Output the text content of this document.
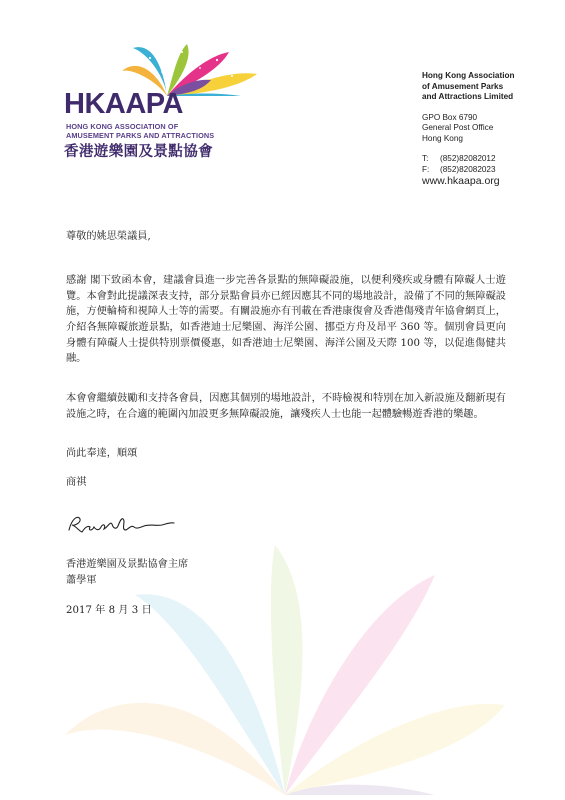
HKAAPA
HONG KONG ASSOCIATION OF
AMUSEMENT PARKS AND ATTRACTIONS
香港遊樂園及景點協會
Hong Kong Association
of Amusement Parks
and Attractions Limited
GPO Box 6790
General Post Office
Hong Kong
T:	(852)82082012
F:	(852)82082023
www.hkaapa.org
尊敬的姚思榮議員,

感謝 閣下致函本會，建議會員進一步完善各景點的無障礙設施，以便利殘疾或身體有障礙人士遊覽。本會對此提議深表支持，部分景點會員亦已經因應其不同的場地設計，設備了不同的無障礙設施，方便輪椅和視障人士等的需要。有關設施亦有刊載在香港康復會及香港傷殘青年協會網頁上，介紹各無障礙旅遊景點，如香港迪士尼樂園、海洋公園、挪亞方舟及昂平 360 等。個別會員更向身體有障礙人士提供特別票價優惠，如香港迪士尼樂園、海洋公園及天際 100 等，以促進傷健共融。

本會會繼續鼓勵和支持各會員，因應其個別的場地設計，不時檢視和特別在加入新設施及翻新現有設施之時，在合適的範圍內加設更多無障礙設施，讓殘疾人士也能一起體驗暢遊香港的樂趣。

尚此奉達，順頌
商祺
香港遊樂園及景點協會主席
蕭學軍
2017 年 8 月 3 日
